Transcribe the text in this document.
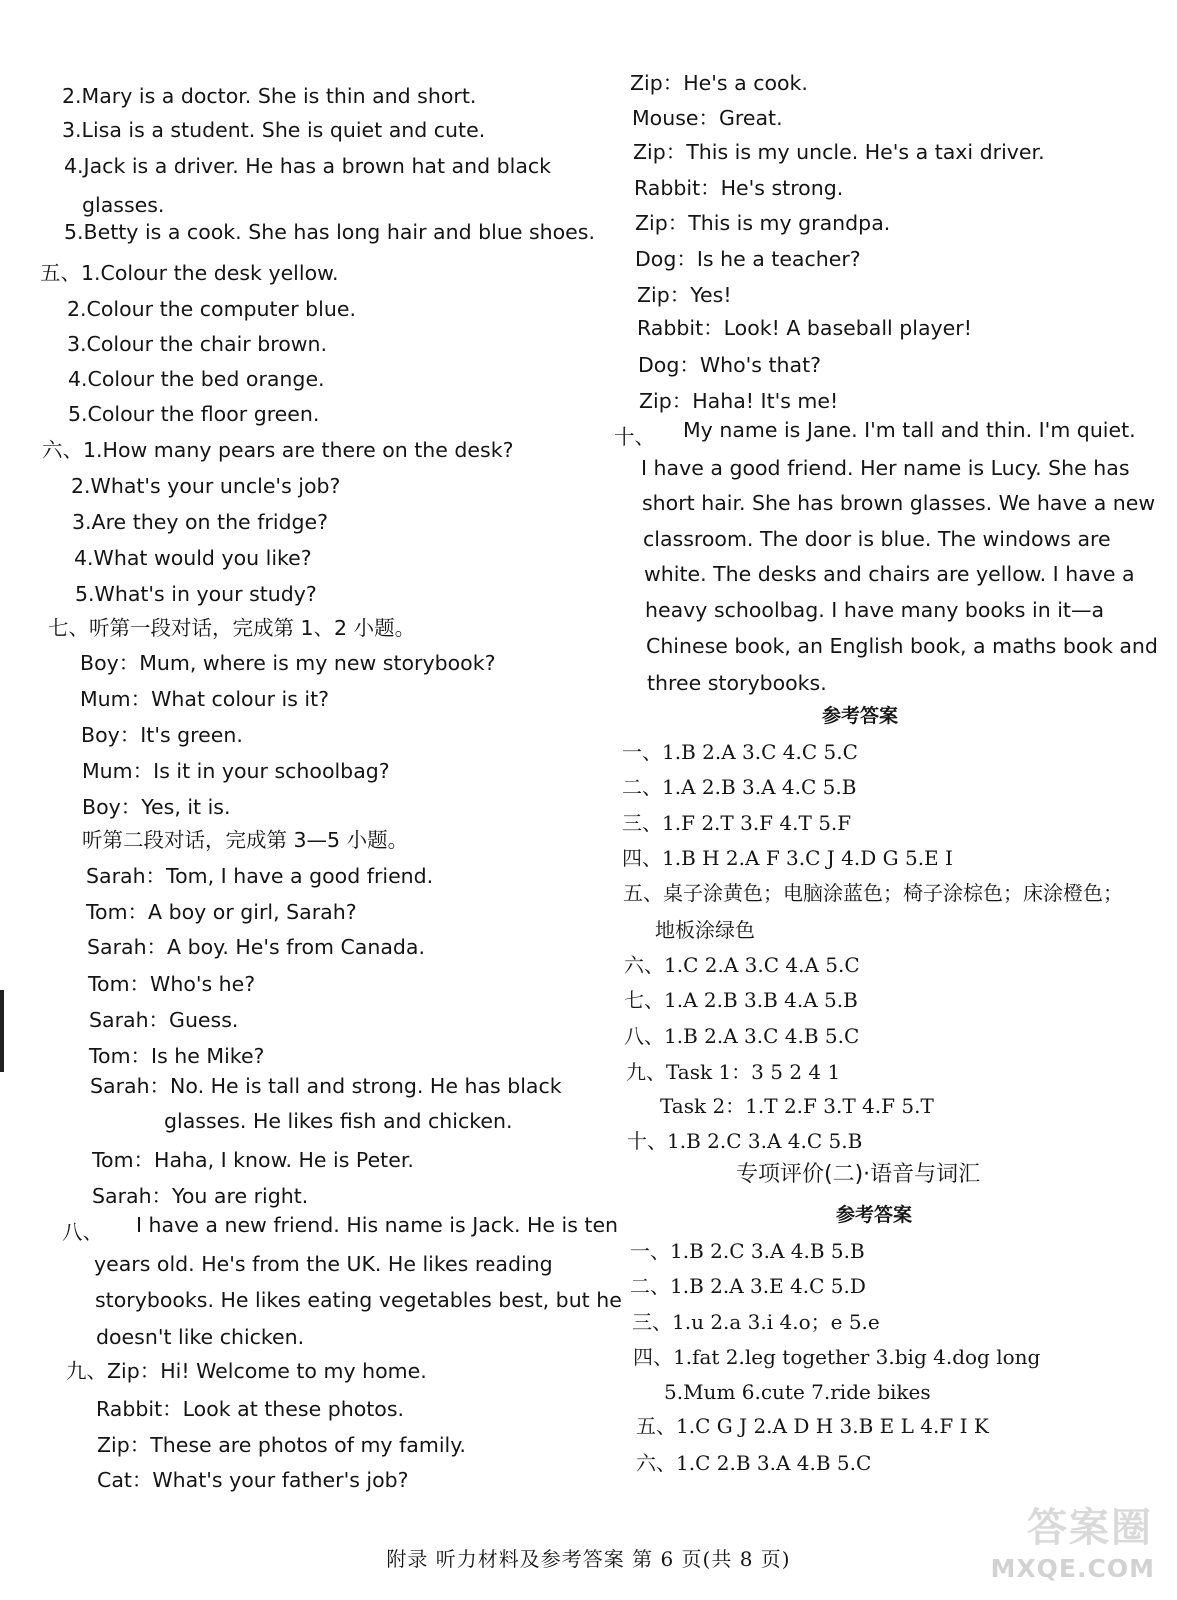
2.Mary is a doctor. She is thin and short.
3.Lisa is a student. She is quiet and cute.
4.Jack is a driver. He has a brown hat and black
glasses.
5.Betty is a cook. She has long hair and blue shoes.
五、1.Colour the desk yellow.
2.Colour the computer blue.
3.Colour the chair brown.
4.Colour the bed orange.
5.Colour the floor green.
六、1.How many pears are there on the desk?
2.What's your uncle's job?
3.Are they on the fridge?
4.What would you like?
5.What's in your study?
七、听第一段对话，完成第 1、2 小题。
Boy：Mum, where is my new storybook?
Mum：What colour is it?
Boy：It's green.
Mum：Is it in your schoolbag?
Boy：Yes, it is.
听第二段对话，完成第 3—5 小题。
Sarah：Tom, I have a good friend.
Tom：A boy or girl, Sarah?
Sarah：A boy. He's from Canada.
Tom：Who's he?
Sarah：Guess.
Tom：Is he Mike?
Sarah：No. He is tall and strong. He has black
glasses. He likes fish and chicken.
Tom：Haha, I know. He is Peter.
Sarah：You are right.
八、 I have a new friend. His name is Jack. He is ten
years old. He's from the UK. He likes reading
storybooks. He likes eating vegetables best, but he
doesn't like chicken.
九、Zip：Hi! Welcome to my home.
Rabbit：Look at these photos.
Zip：These are photos of my family.
Cat：What's your father's job?
Zip：He's a cook.
Mouse：Great.
Zip：This is my uncle. He's a taxi driver.
Rabbit：He's strong.
Zip：This is my grandpa.
Dog：Is he a teacher?
Zip：Yes!
Rabbit：Look! A baseball player!
Dog：Who's that?
Zip：Haha! It's me!
十、 My name is Jane. I'm tall and thin. I'm quiet.
I have a good friend. Her name is Lucy. She has
short hair. She has brown glasses. We have a new
classroom. The door is blue. The windows are
white. The desks and chairs are yellow. I have a
heavy schoolbag. I have many books in it—a
Chinese book, an English book, a maths book and
three storybooks.
参考答案
一、1.B 2.A 3.C 4.C 5.C
二、1.A 2.B 3.A 4.C 5.B
三、1.F 2.T 3.F 4.T 5.F
四、1.B H 2.A F 3.C J 4.D G 5.E I
五、桌子涂黄色；电脑涂蓝色；椅子涂棕色；床涂橙色；
地板涂绿色
六、1.C 2.A 3.C 4.A 5.C
七、1.A 2.B 3.B 4.A 5.B
八、1.B 2.A 3.C 4.B 5.C
九、Task 1：3 5 2 4 1
Task 2：1.T 2.F 3.T 4.F 5.T
十、1.B 2.C 3.A 4.C 5.B
专项评价(二)·语音与词汇
参考答案
一、1.B 2.C 3.A 4.B 5.B
二、1.B 2.A 3.E 4.C 5.D
三、1.u 2.a 3.i 4.o；e 5.e
四、1.fat 2.leg together 3.big 4.dog long
5.Mum 6.cute 7.ride bikes
五、1.C G J 2.A D H 3.B E L 4.F I K
六、1.C 2.B 3.A 4.B 5.C
附录 听力材料及参考答案 第 6 页(共 8 页)
答案圈
MXQE.COM
